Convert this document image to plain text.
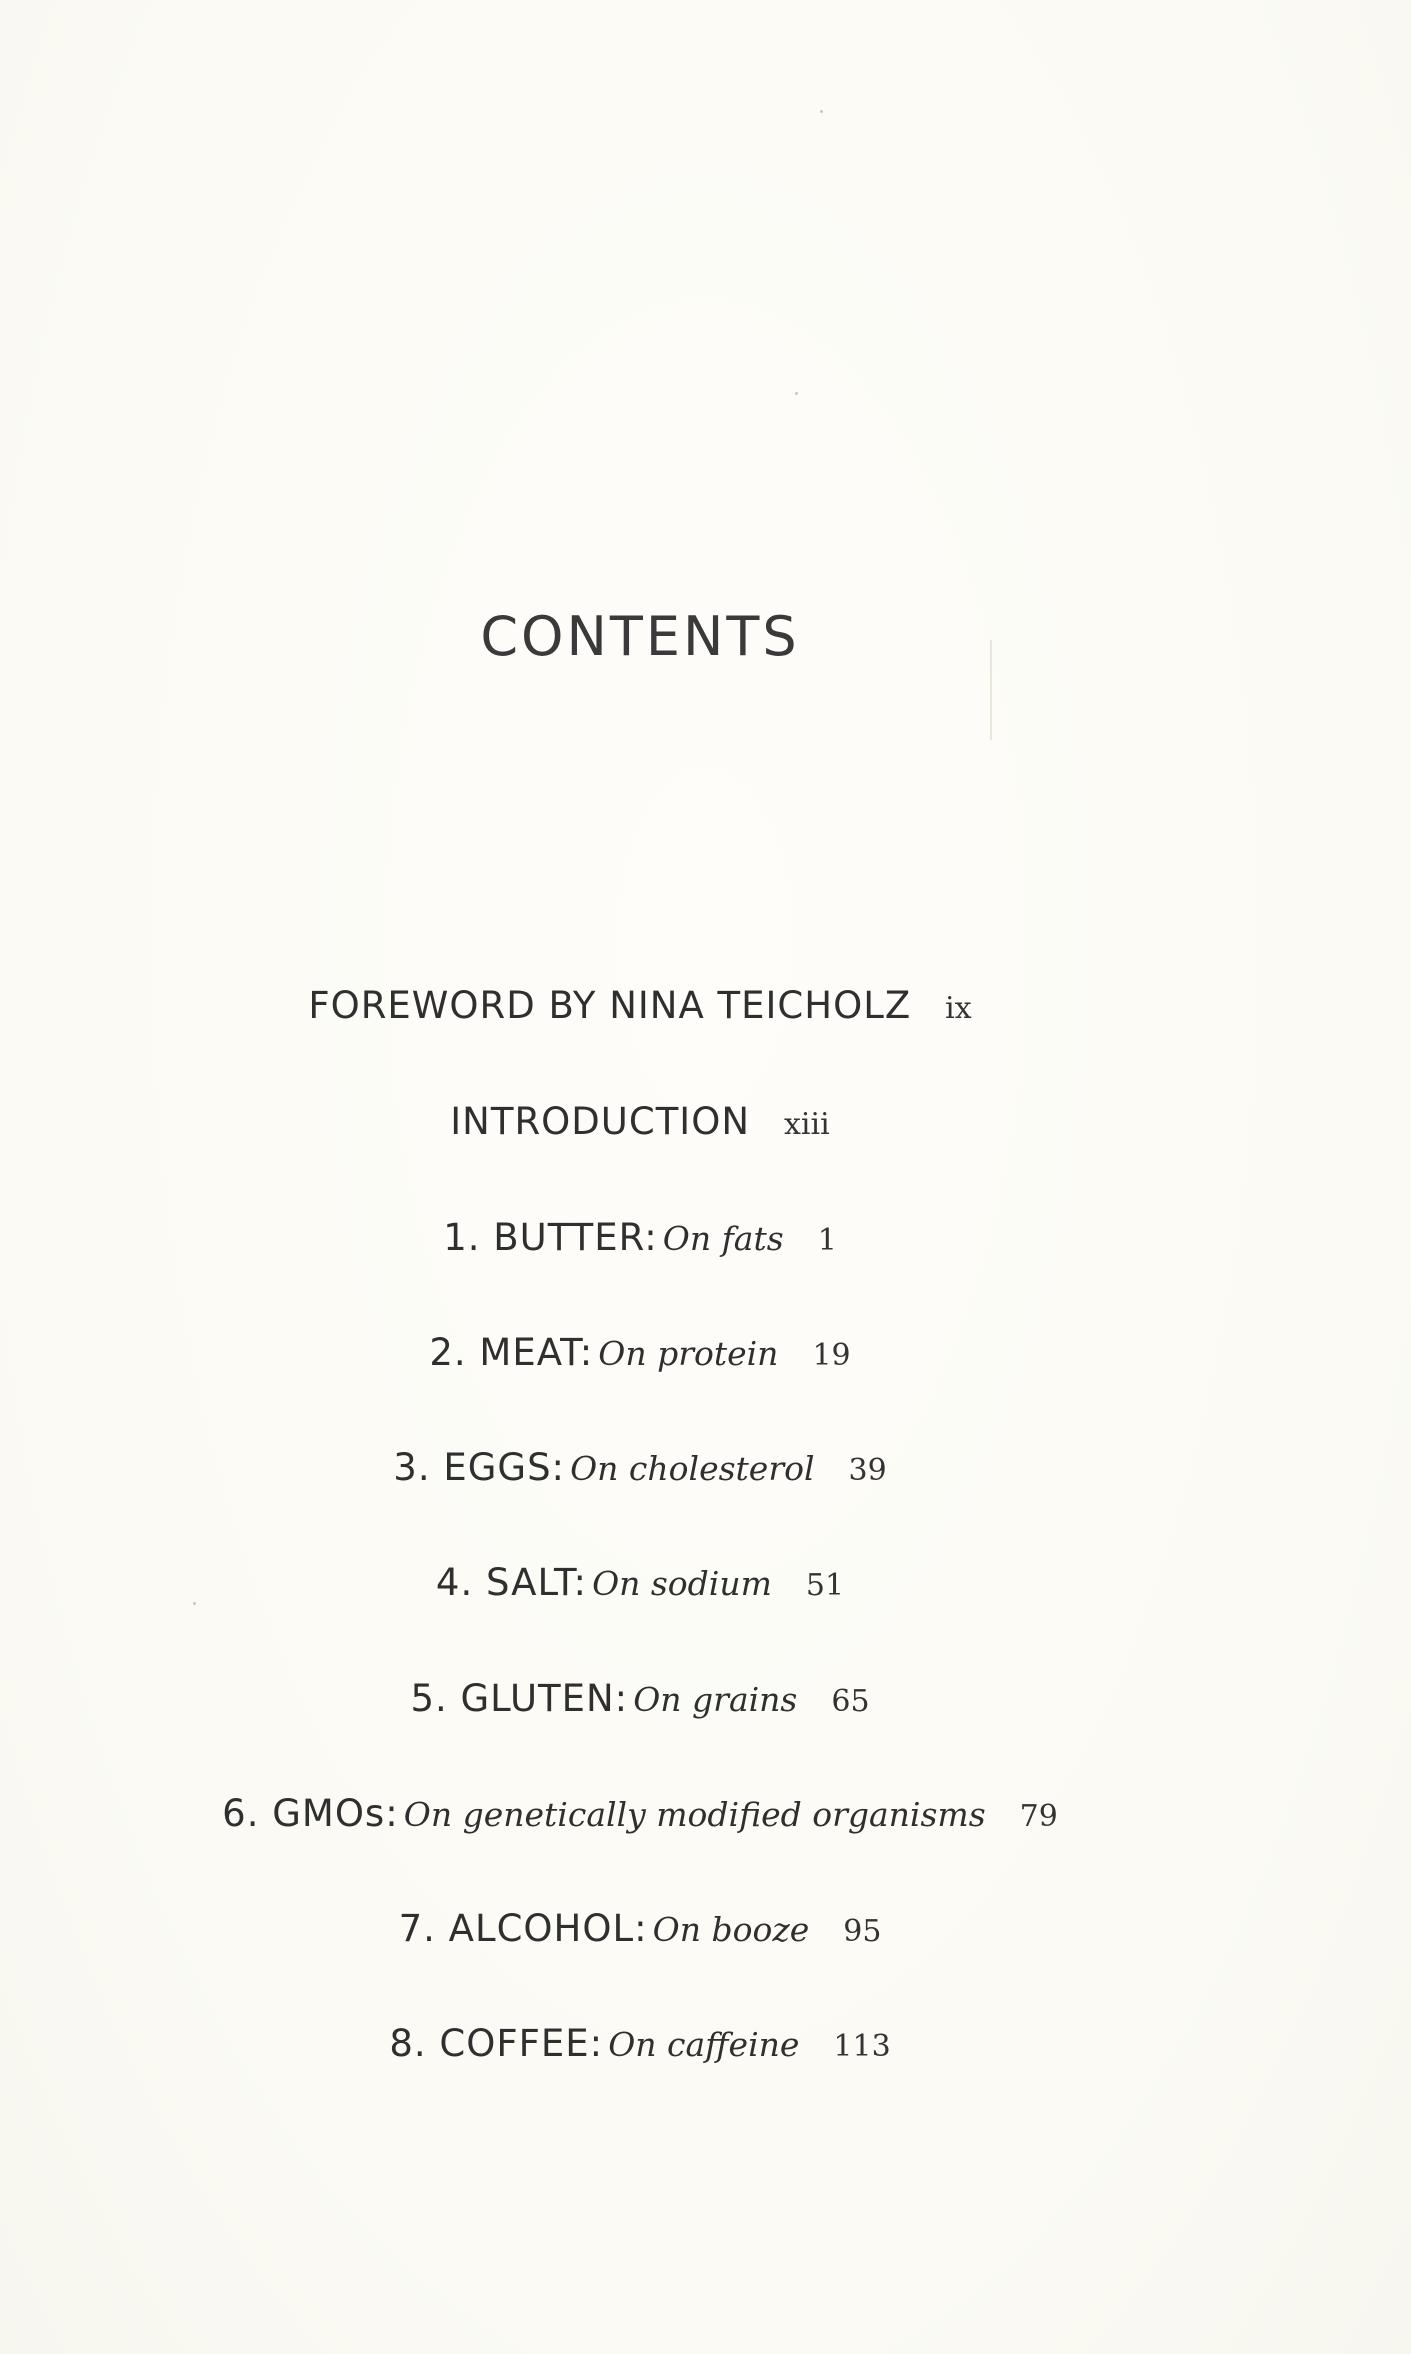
CONTENTS
FOREWORD BY NINA TEICHOLZ ix
INTRODUCTION xiii
1. BUTTER: On fats 1
2. MEAT: On protein 19
3. EGGS: On cholesterol 39
4. SALT: On sodium 51
5. GLUTEN: On grains 65
6. GMOs: On genetically modified organisms 79
7. ALCOHOL: On booze 95
8. COFFEE: On caffeine 113
